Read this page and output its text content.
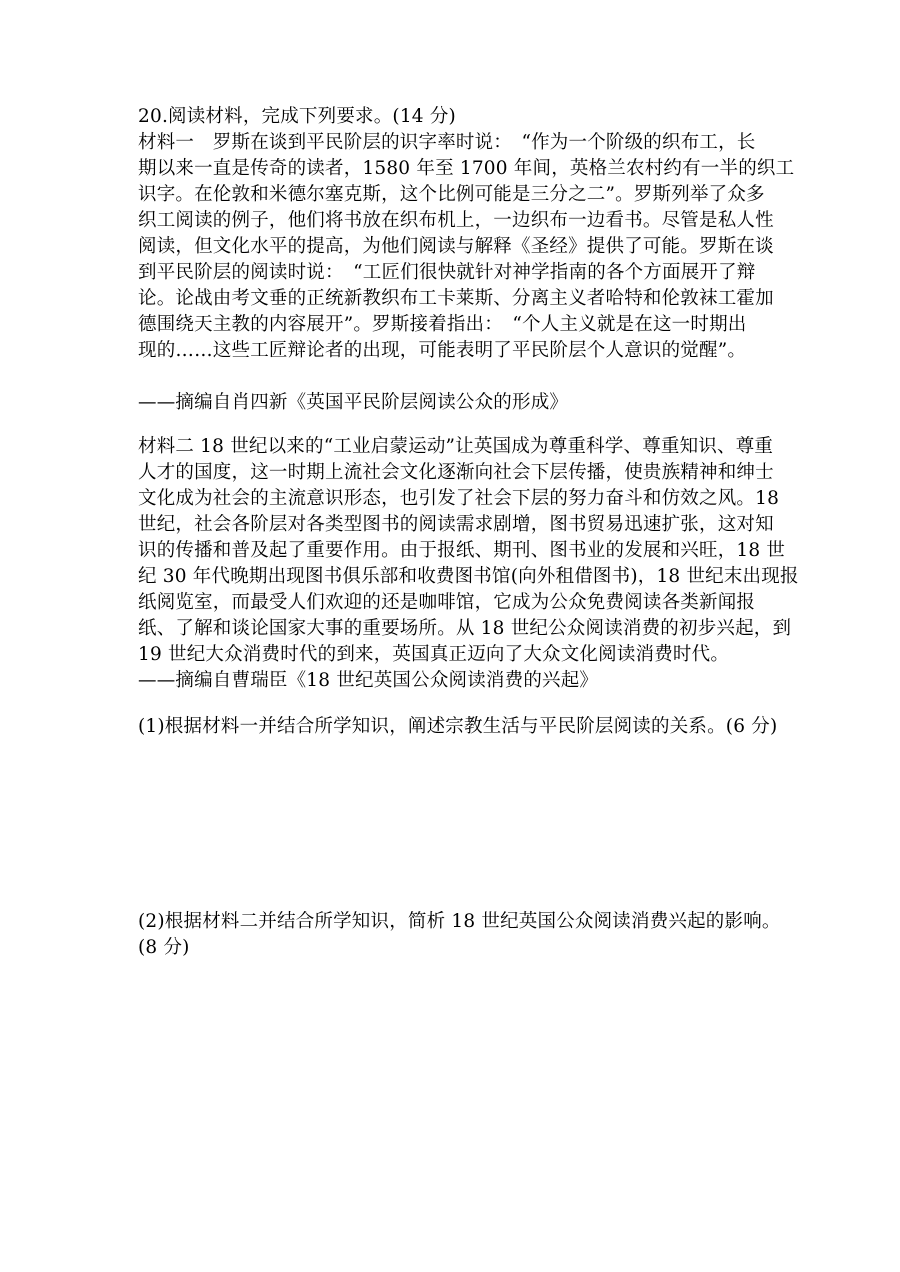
20.阅读材料，完成下列要求。(14 分)
材料一　罗斯在谈到平民阶层的识字率时说：　“作为一个阶级的织布工，长
期以来一直是传奇的读者，1580 年至 1700 年间，英格兰农村约有一半的织工
识字。在伦敦和米德尔塞克斯，这个比例可能是三分之二”。罗斯列举了众多
织工阅读的例子，他们将书放在织布机上，一边织布一边看书。尽管是私人性
阅读，但文化水平的提高，为他们阅读与解释《圣经》提供了可能。罗斯在谈
到平民阶层的阅读时说：　“工匠们很快就针对神学指南的各个方面展开了辩
论。论战由考文垂的正统新教织布工卡莱斯、分离主义者哈特和伦敦袜工霍加
德围绕天主教的内容展开”。罗斯接着指出：　“个人主义就是在这一时期出
现的……这些工匠辩论者的出现，可能表明了平民阶层个人意识的觉醒”。
——摘编自肖四新《英国平民阶层阅读公众的形成》
材料二 18 世纪以来的“工业启蒙运动”让英国成为尊重科学、尊重知识、尊重
人才的国度，这一时期上流社会文化逐渐向社会下层传播，使贵族精神和绅士
文化成为社会的主流意识形态，也引发了社会下层的努力奋斗和仿效之风。18
世纪，社会各阶层对各类型图书的阅读需求剧增，图书贸易迅速扩张，这对知
识的传播和普及起了重要作用。由于报纸、期刊、图书业的发展和兴旺，18 世
纪 30 年代晚期出现图书俱乐部和收费图书馆(向外租借图书)，18 世纪末出现报
纸阅览室，而最受人们欢迎的还是咖啡馆，它成为公众免费阅读各类新闻报
纸、了解和谈论国家大事的重要场所。从 18 世纪公众阅读消费的初步兴起，到
19 世纪大众消费时代的到来，英国真正迈向了大众文化阅读消费时代。
——摘编自曹瑞臣《18 世纪英国公众阅读消费的兴起》
(1)根据材料一并结合所学知识，阐述宗教生活与平民阶层阅读的关系。(6 分)
(2)根据材料二并结合所学知识，简析 18 世纪英国公众阅读消费兴起的影响。
(8 分)
